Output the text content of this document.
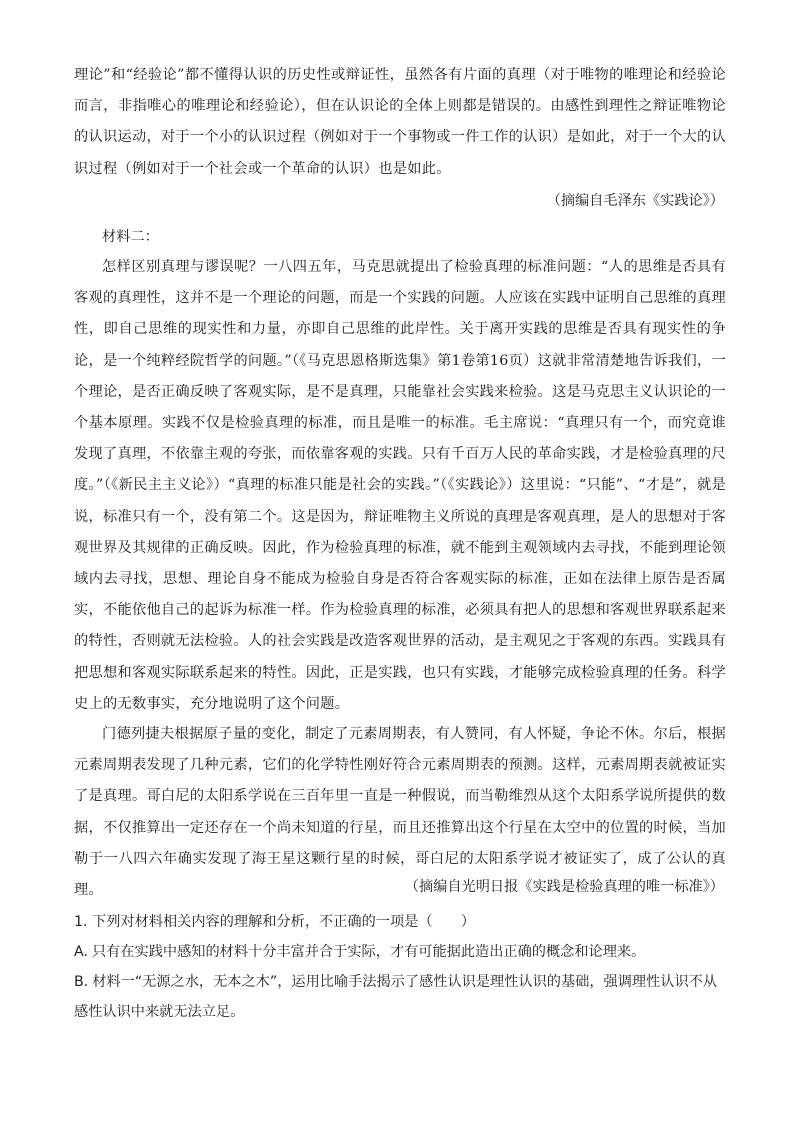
理论”和“经验论”都不懂得认识的历史性或辩证性，虽然各有片面的真理（对于唯物的唯理论和经验论而言，非指唯心的唯理论和经验论），但在认识论的全体上则都是错误的。由感性到理性之辩证唯物论的认识运动，对于一个小的认识过程（例如对于一个事物或一件工作的认识）是如此，对于一个大的认识过程（例如对于一个社会或一个革命的认识）也是如此。

（摘编自毛泽东《实践论》）

材料二：

怎样区别真理与谬误呢？一八四五年，马克思就提出了检验真理的标准问题：“人的思维是否具有客观的真理性，这并不是一个理论的问题，而是一个实践的问题。人应该在实践中证明自己思维的真理性，即自己思维的现实性和力量，亦即自己思维的此岸性。关于离开实践的思维是否具有现实性的争论，是一个纯粹经院哲学的问题。”（《马克思恩格斯选集》第1卷第16页）这就非常清楚地告诉我们，一个理论，是否正确反映了客观实际，是不是真理，只能靠社会实践来检验。这是马克思主义认识论的一个基本原理。实践不仅是检验真理的标准，而且是唯一的标准。毛主席说：“真理只有一个，而究竟谁发现了真理，不依靠主观的夸张，而依靠客观的实践。只有千百万人民的革命实践，才是检验真理的尺度。”（《新民主主义论》）“真理的标准只能是社会的实践。”（《实践论》）这里说：“只能”、“才是”，就是说，标准只有一个，没有第二个。这是因为，辩证唯物主义所说的真理是客观真理，是人的思想对于客观世界及其规律的正确反映。因此，作为检验真理的标准，就不能到主观领域内去寻找，不能到理论领域内去寻找，思想、理论自身不能成为检验自身是否符合客观实际的标准，正如在法律上原告是否属实，不能依他自己的起诉为标准一样。作为检验真理的标准，必须具有把人的思想和客观世界联系起来的特性，否则就无法检验。人的社会实践是改造客观世界的活动，是主观见之于客观的东西。实践具有把思想和客观实际联系起来的特性。因此，正是实践，也只有实践，才能够完成检验真理的任务。科学史上的无数事实，充分地说明了这个问题。

门德列捷夫根据原子量的变化，制定了元素周期表，有人赞同，有人怀疑，争论不休。尔后，根据元素周期表发现了几种元素，它们的化学特性刚好符合元素周期表的预测。这样，元素周期表就被证实了是真理。哥白尼的太阳系学说在三百年里一直是一种假说，而当勒维烈从这个太阳系学说所提供的数据，不仅推算出一定还存在一个尚未知道的行星，而且还推算出这个行星在太空中的位置的时候，当加勒于一八四六年确实发现了海王星这颗行星的时候，哥白尼的太阳系学说才被证实了，成了公认的真理。	（摘编自光明日报《实践是检验真理的唯一标准》）

1. 下列对材料相关内容的理解和分析，不正确的一项是（　　）

A. 只有在实践中感知的材料十分丰富并合于实际，才有可能据此造出正确的概念和论理来。

B. 材料一“无源之水，无本之木”，运用比喻手法揭示了感性认识是理性认识的基础，强调理性认识不从感性认识中来就无法立足。
